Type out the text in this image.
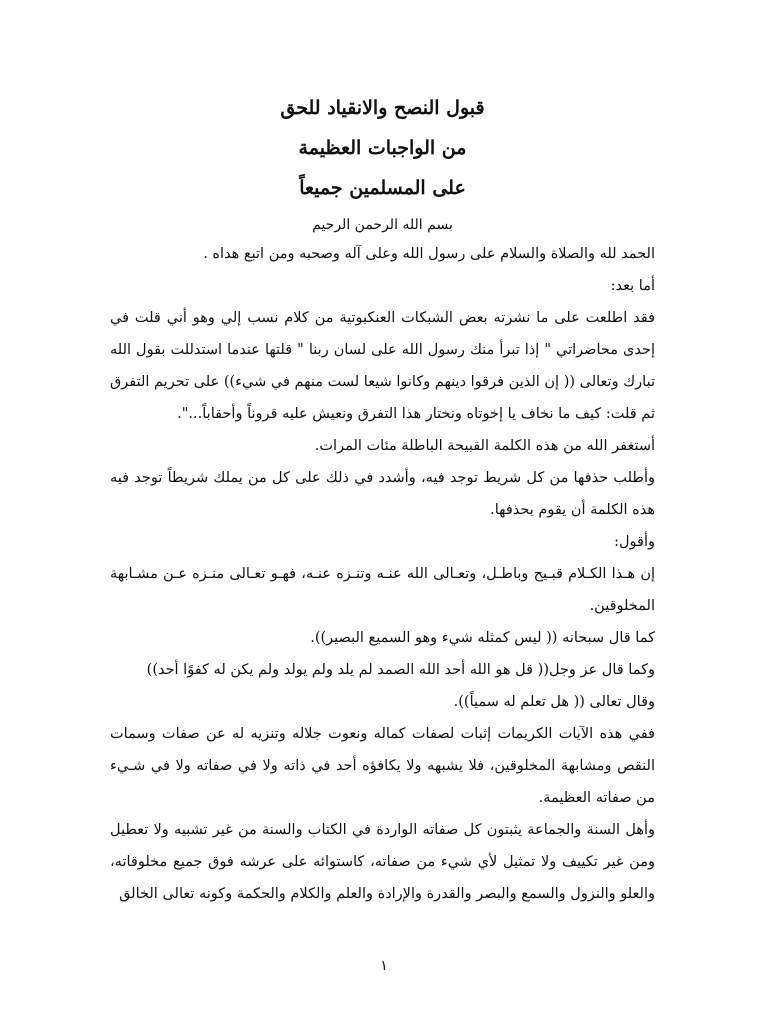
قبول النصح والانقياد للحق
من الواجبات العظيمة
على المسلمين جميعاً

بسم الله الرحمن الرحيم

الحمد لله والصلاة والسلام على رسول الله وعلى آله وصحبه ومن اتبع هداه .

أما بعد:

فقد اطلعت على ما نشرته بعض الشبكات العنكبوتية من كلام نسب إلي وهو أني قلت في إحدى محاضراتي " إذا تبرأ منك رسول الله على لسان ربنا " قلتها عندما استدللت بقول الله تبارك وتعالى (( إن الذين فرقوا دينهم وكانوا شيعا لست منهم في شيء)) على تحريم التفرق ثم قلت: كيف ما نخاف يا إخوتاه ونختار هذا التفرق ونعيش عليه قروناً وأحقاباً...".

أستغفر الله من هذه الكلمة القبيحة الباطلة مئات المرات.

وأطلب حذفها من كل شريط توجد فيه، وأشدد في ذلك على كل من يملك شريطاً توجد فيه هذه الكلمة أن يقوم بحذفها.

وأقول:

إن هـذا الكـلام قبـيح وباطـل، وتعـالى الله عنـه وتنـزه عنـه، فهـو تعـالى منـزه عـن مشـابهة المخلوقين.

كما قال سبحانه (( ليس كمثله شيء وهو السميع البصير)).

وكما قال عز وجل(( قل هو الله أحد الله الصمد لم يلد ولم يولد ولم يكن له كفوًا أحد))

وقال تعالى (( هل تعلم له سمياً)).

ففي هذه الآيات الكريمات إثبات لصفات كماله ونعوت جلاله وتنزيه له عن صفات وسمات النقص ومشابهة المخلوقين، فلا يشبهه ولا يكافؤه أحد في ذاته ولا في صفاته ولا في شـيء من صفاته العظيمة.

وأهل السنة والجماعة يثبتون كل صفاته الواردة في الكتاب والسنة من غير تشبيه ولا تعطيل ومن غير تكييف ولا تمثيل لأي شيء من صفاته، كاستوائه على عرشه فوق جميع مخلوقاته، والعلو والنزول والسمع والبصر والقدرة والإرادة والعلم والكلام والحكمة وكونه تعالى الخالق

١
